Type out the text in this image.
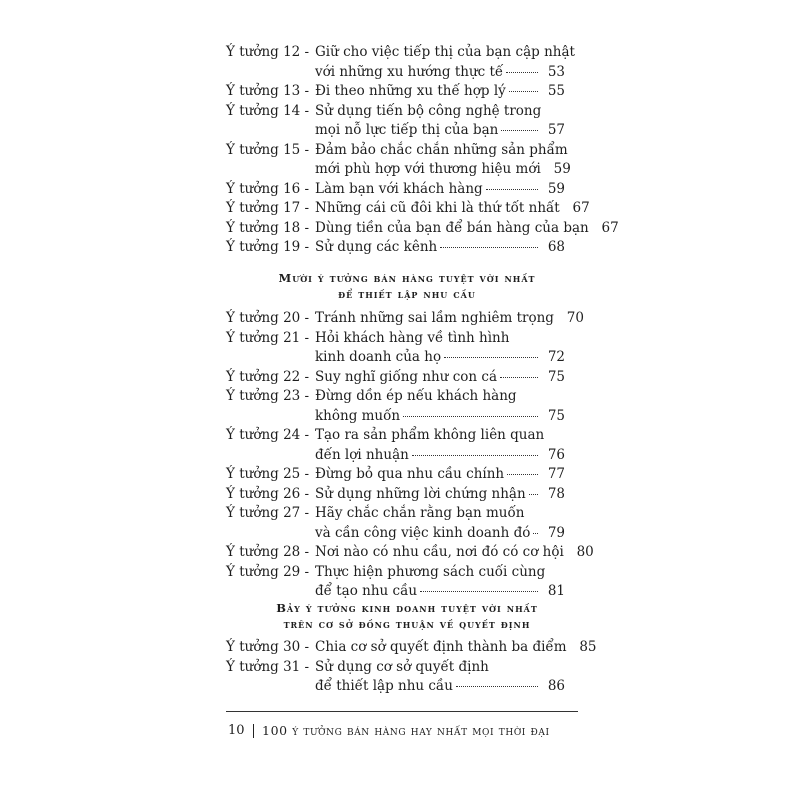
Ý tưởng 12 - Giữ cho việc tiếp thị của bạn cập nhật
với những xu hướng thực tế	53
Ý tưởng 13 - Đi theo những xu thế hợp lý	55
Ý tưởng 14 - Sử dụng tiến bộ công nghệ trong
mọi nỗ lực tiếp thị của bạn	57
Ý tưởng 15 - Đảm bảo chắc chắn những sản phẩm
mới phù hợp với thương hiệu mới 59
Ý tưởng 16 - Làm bạn với khách hàng	59
Ý tưởng 17 - Những cái cũ đôi khi là thứ tốt nhất 67
Ý tưởng 18 - Dùng tiền của bạn để bán hàng của bạn 67
Ý tưởng 19 - Sử dụng các kênh	68
Mười ý tưởng bán hàng tuyệt vời nhất
để thiết lập nhu cầu
Ý tưởng 20 - Tránh những sai lầm nghiêm trọng 70
Ý tưởng 21 - Hỏi khách hàng về tình hình
kinh doanh của họ	72
Ý tưởng 22 - Suy nghĩ giống như con cá	75
Ý tưởng 23 - Đừng dồn ép nếu khách hàng
không muốn	75
Ý tưởng 24 - Tạo ra sản phẩm không liên quan
đến lợi nhuận	76
Ý tưởng 25 - Đừng bỏ qua nhu cầu chính	77
Ý tưởng 26 - Sử dụng những lời chứng nhận	78
Ý tưởng 27 - Hãy chắc chắn rằng bạn muốn
và cần công việc kinh doanh đó	79
Ý tưởng 28 - Nơi nào có nhu cầu, nơi đó có cơ hội 80
Ý tưởng 29 - Thực hiện phương sách cuối cùng
để tạo nhu cầu	81
Bảy ý tưởng kinh doanh tuyệt vời nhất
trên cơ sở đồng thuận về quyết định
Ý tưởng 30 - Chia cơ sở quyết định thành ba điểm 85
Ý tưởng 31 - Sử dụng cơ sở quyết định
để thiết lập nhu cầu	86
10 100 ý tưởng bán hàng hay nhất mọi thời đại
